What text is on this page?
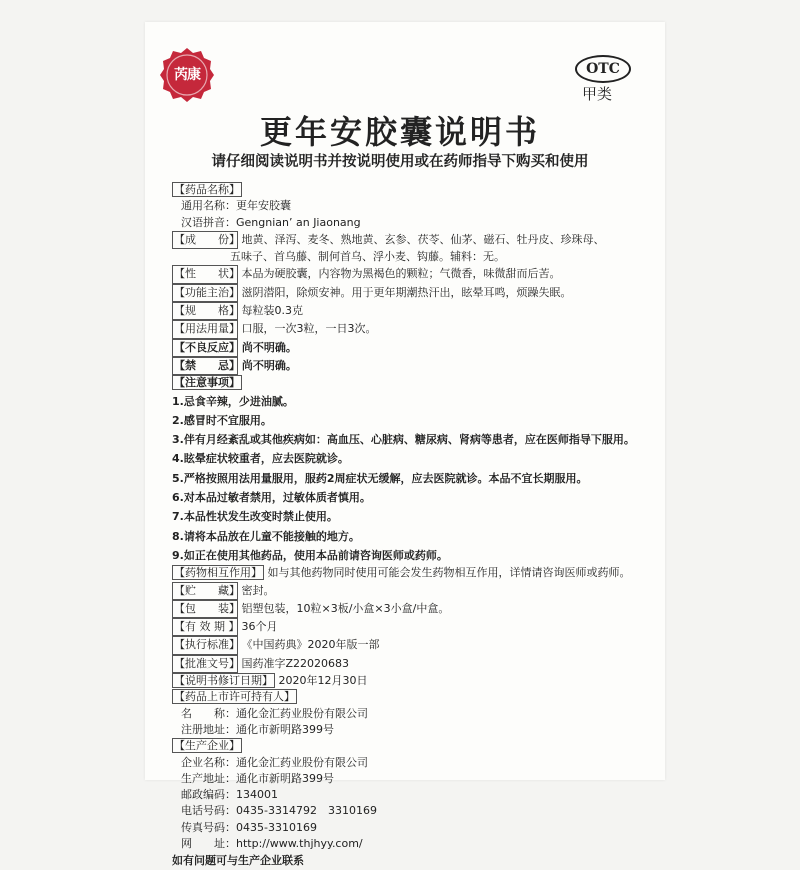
芮康	OTC
甲类
更年安胶囊说明书
请仔细阅读说明书并按说明使用或在药师指导下购买和使用
【药品名称】
通用名称：更年安胶囊
汉语拼音：Gengnian’ an Jiaonang
【成　　份】 地黄、泽泻、麦冬、熟地黄、玄参、茯苓、仙茅、磁石、牡丹皮、珍珠母、
五味子、首乌藤、制何首乌、浮小麦、钩藤。辅料：无。
【性　　状】 本品为硬胶囊，内容物为黑褐色的颗粒；气微香，味微甜而后苦。
【功能主治】 滋阴潜阳，除烦安神。用于更年期潮热汗出，眩晕耳鸣，烦躁失眠。
【规　　格】 每粒装0.3克
【用法用量】 口服，一次3粒，一日3次。
【不良反应】 尚不明确。
【禁　　忌】 尚不明确。
【注意事项】
1.忌食辛辣，少进油腻。
2.感冒时不宜服用。
3.伴有月经紊乱或其他疾病如：高血压、心脏病、糖尿病、肾病等患者，应在医师指导下服用。
4.眩晕症状较重者，应去医院就诊。
5.严格按照用法用量服用，服药2周症状无缓解，应去医院就诊。本品不宜长期服用。
6.对本品过敏者禁用，过敏体质者慎用。
7.本品性状发生改变时禁止使用。
8.请将本品放在儿童不能接触的地方。
9.如正在使用其他药品，使用本品前请咨询医师或药师。
【药物相互作用】 如与其他药物同时使用可能会发生药物相互作用，详情请咨询医师或药师。
【贮　　藏】 密封。
【包　　装】 铝塑包装，10粒×3板/小盒×3小盒/中盒。
【有 效 期 】 36个月
【执行标准】 《中国药典》2020年版一部
【批准文号】 国药准字Z22020683
【说明书修订日期】 2020年12月30日
【药品上市许可持有人】
名　　称：通化金汇药业股份有限公司
注册地址：通化市新明路399号
【生产企业】
企业名称：通化金汇药业股份有限公司
生产地址：通化市新明路399号
邮政编码：134001
电话号码：0435-3314792　3310169
传真号码：0435-3310169
网　　址：http://www.thjhyy.com/
如有问题可与生产企业联系
